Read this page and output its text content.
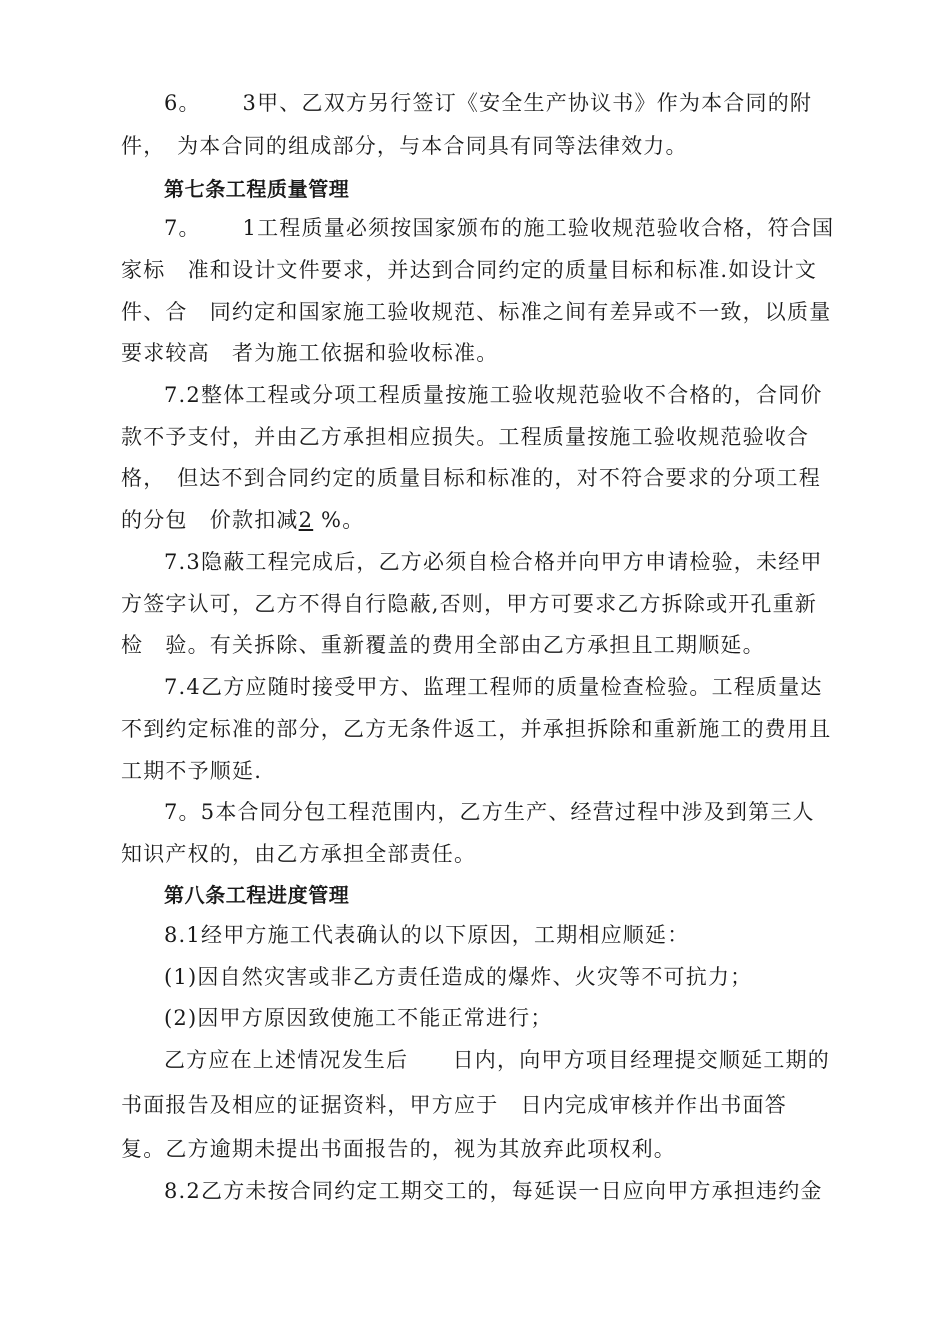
6。　　 3甲、乙双方另行签订《安全生产协议书》作为本合同的附
件，　为本合同的组成部分，与本合同具有同等法律效力。
第七条工程质量管理
7。　　 1工程质量必须按国家颁布的施工验收规范验收合格，符合国
家标　准和设计文件要求，并达到合同约定的质量目标和标准.如设计文
件、合　同约定和国家施工验收规范、标准之间有差异或不一致，以质量
要求较高　者为施工依据和验收标准。
7.2整体工程或分项工程质量按施工验收规范验收不合格的，合同价
款不予支付，并由乙方承担相应损失。工程质量按施工验收规范验收合
格，　但达不到合同约定的质量目标和标准的，对不符合要求的分项工程
的分包　价款扣减2 %。
7.3隐蔽工程完成后，乙方必须自检合格并向甲方申请检验，未经甲
方签字认可，乙方不得自行隐蔽,否则，甲方可要求乙方拆除或开孔重新
检　验。有关拆除、重新覆盖的费用全部由乙方承担且工期顺延。
7.4乙方应随时接受甲方、监理工程师的质量检查检验。工程质量达
不到约定标准的部分，乙方无条件返工，并承担拆除和重新施工的费用且
工期不予顺延.
7。5本合同分包工程范围内，乙方生产、经营过程中涉及到第三人
知识产权的，由乙方承担全部责任。
第八条工程进度管理
8.1经甲方施工代表确认的以下原因，工期相应顺延：
(1)因自然灾害或非乙方责任造成的爆炸、火灾等不可抗力；
(2)因甲方原因致使施工不能正常进行；
乙方应在上述情况发生后　　日内，向甲方项目经理提交顺延工期的
书面报告及相应的证据资料，甲方应于　日内完成审核并作出书面答
复。乙方逾期未提出书面报告的，视为其放弃此项权利。
8.2乙方未按合同约定工期交工的，每延误一日应向甲方承担违约金
